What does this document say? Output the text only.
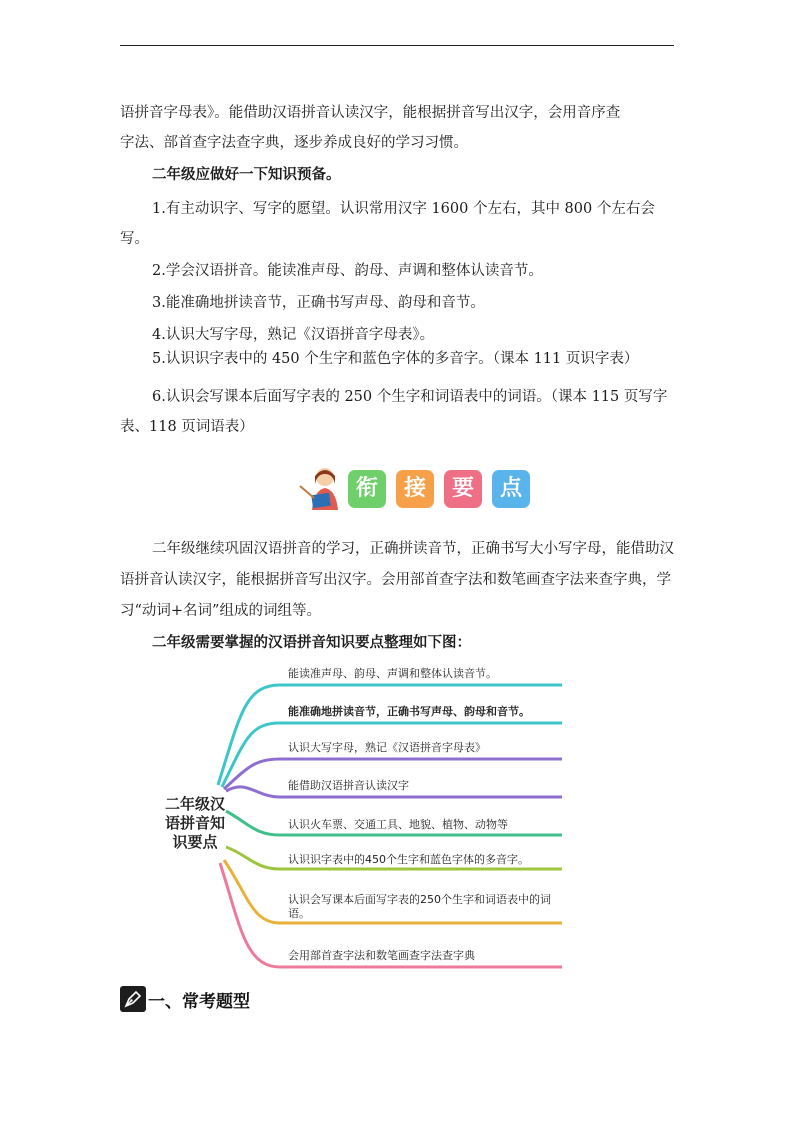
语拼音字母表》。能借助汉语拼音认读汉字，能根据拼音写出汉字，会用音序查

字法、部首查字法查字典，逐步养成良好的学习习惯。

二年级应做好一下知识预备。

1.有主动识字、写字的愿望。认识常用汉字 1600 个左右，其中 800 个左右会写。

2.学会汉语拼音。能读准声母、韵母、声调和整体认读音节。

3.能准确地拼读音节，正确书写声母、韵母和音节。

4.认识大写字母，熟记《汉语拼音字母表》。

5.认识识字表中的 450 个生字和蓝色字体的多音字。（课本 111 页识字表）

6.认识会写课本后面写字表的 250 个生字和词语表中的词语。（课本 115 页写字表、118 页词语表）

衔	接	要	点

二年级继续巩固汉语拼音的学习，正确拼读音节，正确书写大小写字母，能借助汉语拼音认读汉字，能根据拼音写出汉字。会用部首查字法和数笔画查字法来查字典，学习“动词+名词”组成的词组等。

二年级需要掌握的汉语拼音知识要点整理如下图：

二年级汉
语拼音知
识要点
能读准声母、韵母、声调和整体认读音节。
能准确地拼读音节，正确书写声母、韵母和音节。
认识大写字母，熟记《汉语拼音字母表》
能借助汉语拼音认读汉字
认识火车票、交通工具、地貌、植物、动物等
认识识字表中的450个生字和蓝色字体的多音字。
认识会写课本后面写字表的250个生字和词语表中的词语。
会用部首查字法和数笔画查字法查字典
一、常考题型
